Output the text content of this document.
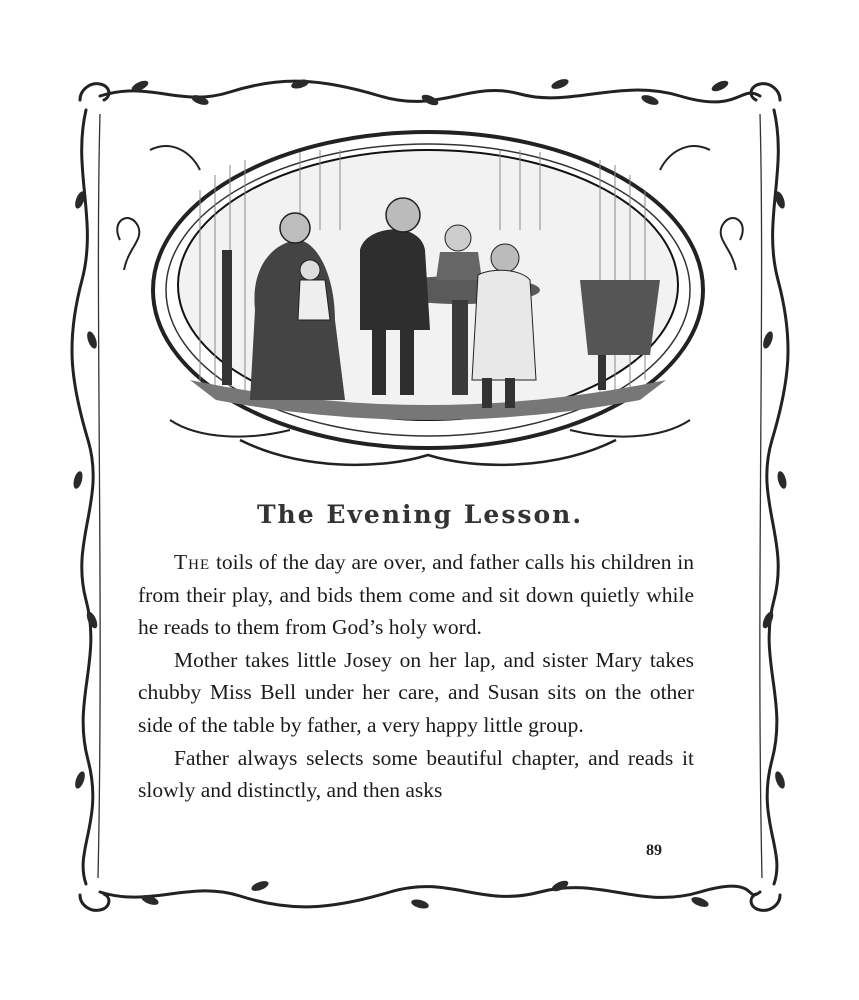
The Evening Lesson.

The toils of the day are over, and father calls his children in from their play, and bids them come and sit down quietly while he reads to them from God’s holy word.

Mother takes little Josey on her lap, and sister Mary takes chubby Miss Bell under her care, and Susan sits on the other side of the table by father, a very happy little group.

Father always selects some beautiful chapter, and reads it slowly and distinctly, and then asks

89
